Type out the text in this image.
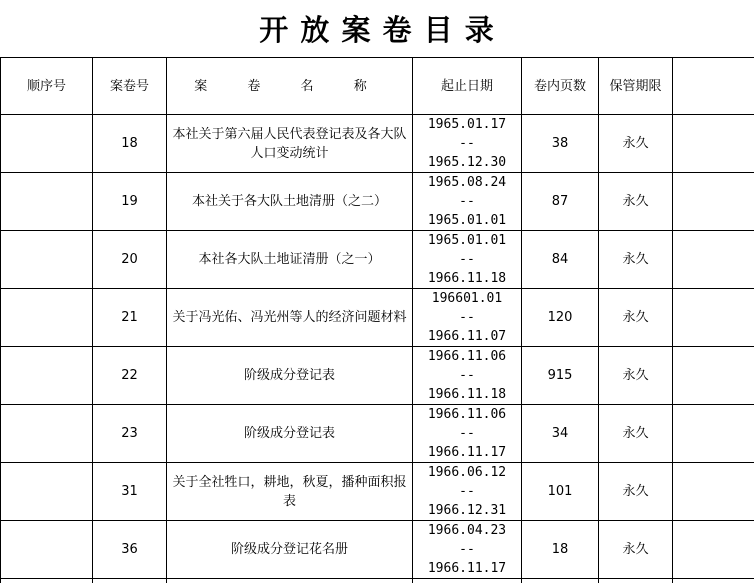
开 放 案 卷 目 录
顺序号	案卷号	案 卷 名 称	起止日期	卷内页数	保管期限	
	18	本社关于第六届人民代表登记表及各大队人口变动统计	1965.01.17
--
1965.12.30	38	永久	
	19	本社关于各大队土地清册（之二）	1965.08.24
--
1965.01.01	87	永久	
	20	本社各大队土地证清册（之一）	1965.01.01
--
1966.11.18	84	永久	
	21	关于冯光佑、冯光州等人的经济问题材料	196601.01
--
1966.11.07	120	永久	
	22	阶级成分登记表	1966.11.06
--
1966.11.18	915	永久	
	23	阶级成分登记表	1966.11.06
--
1966.11.17	34	永久	
	31	关于全社牲口，耕地，秋夏，播种面积报表	1966.06.12
--
1966.12.31	101	永久	
	36	阶级成分登记花名册	1966.04.23
--
1966.11.17	18	永久	
